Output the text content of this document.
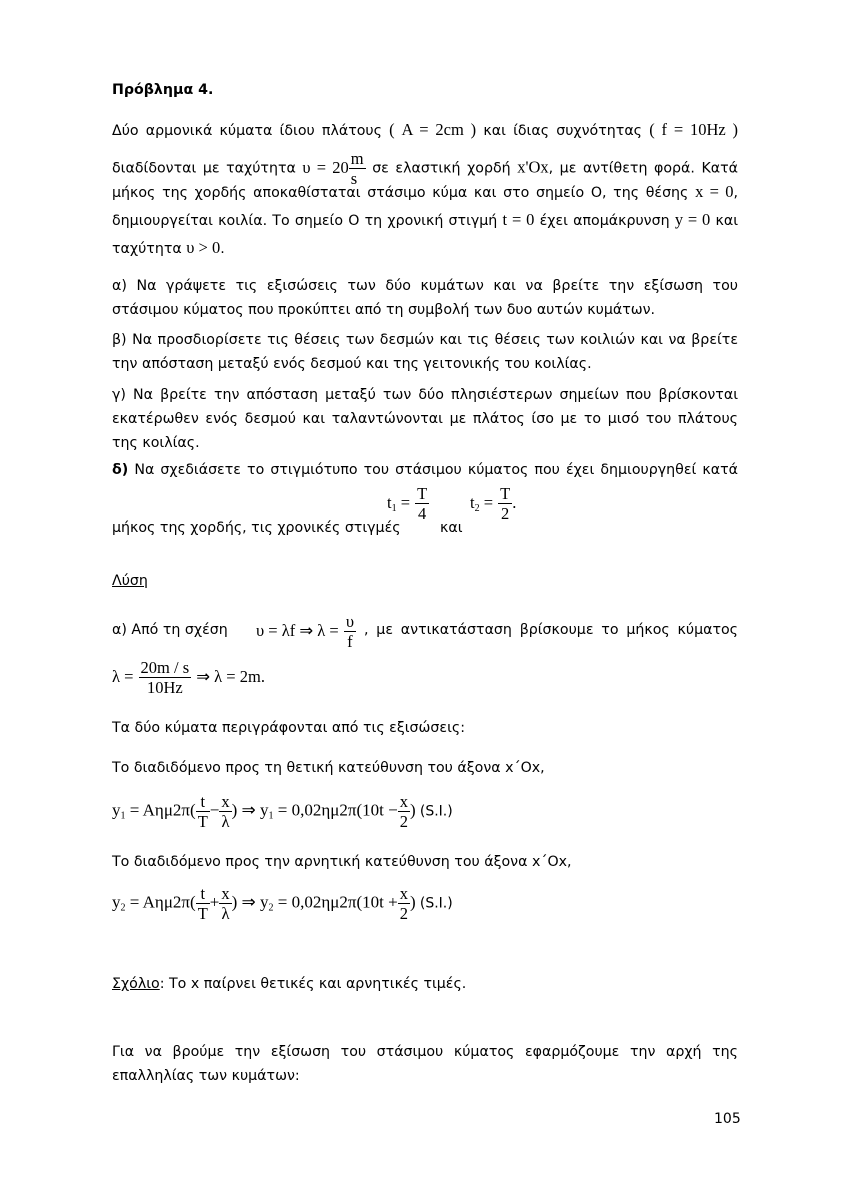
Πρόβλημα 4.
Δύο αρμονικά κύματα ίδιου πλάτους ( A = 2cm ) και ίδιας συχνότητας ( f = 10Hz )
διαδίδονται με ταχύτητα $\upsilon = 20 \frac{m}{s}$ σε ελαστική χορδή x'Ox, με αντίθετη φορά. Κατά
μήκος της χορδής αποκαθίσταται στάσιμο κύμα και στο σημείο Ο, της θέσης x = 0,
δημιουργείται κοιλία. Το σημείο Ο τη χρονική στιγμή t = 0 έχει απομάκρυνση y = 0 και
ταχύτητα υ > 0.
α) Να γράψετε τις εξισώσεις των δύο κυμάτων και να βρείτε την εξίσωση του στάσιμου κύματος που προκύπτει από τη συμβολή των δυο αυτών κυμάτων.
β) Να προσδιορίσετε τις θέσεις των δεσμών και τις θέσεις των κοιλιών και να βρείτε την απόσταση μεταξύ ενός δεσμού και της γειτονικής του κοιλίας.
γ) Να βρείτε την απόσταση μεταξύ των δύο πλησιέστερων σημείων που βρίσκονται εκατέρωθεν ενός δεσμού και ταλαντώνονται με πλάτος ίσο με το μισό του πλάτους της κοιλίας.
δ) Να σχεδιάσετε το στιγμιότυπο του στάσιμου κύματος που έχει δημιουργηθεί κατά
μήκος της χορδής, τις χρονικές στιγμές
$t_1 = \frac{T}{4}$
και
$t_2 = \frac{T}{2}$ .
Λύση
α) Από τη σχέση υ = λf ⇒ $\lambda = \frac{\upsilon}{f}$ , με αντικατάσταση βρίσκουμε το μήκος κύματος
$\lambda = \frac{20m / s}{10Hz}$ ⇒ λ = 2m.
Τα δύο κύματα περιγράφονται από τις εξισώσεις:
Το διαδιδόμενο προς τη θετική κατεύθυνση του άξονα x΄Ox,
$y_1 = A\eta\mu 2\pi( \frac{t}{T} - \frac{x}{\lambda}$ ) ⇒ $y_1 = 0,02\eta\mu 2\pi(10t - \frac{x}{2}$ ) (S.I.)
Το διαδιδόμενο προς την αρνητική κατεύθυνση του άξονα x΄Ox,
$y_2 = A\eta\mu 2\pi( \frac{t}{T} + \frac{x}{\lambda}$ ) ⇒ $y_2 = 0,02\eta\mu 2\pi(10t + \frac{x}{2}$ ) (S.I.)
Σχόλιο: Το x παίρνει θετικές και αρνητικές τιμές.
Για να βρούμε την εξίσωση του στάσιμου κύματος εφαρμόζουμε την αρχή της επαλληλίας των κυμάτων:
105
